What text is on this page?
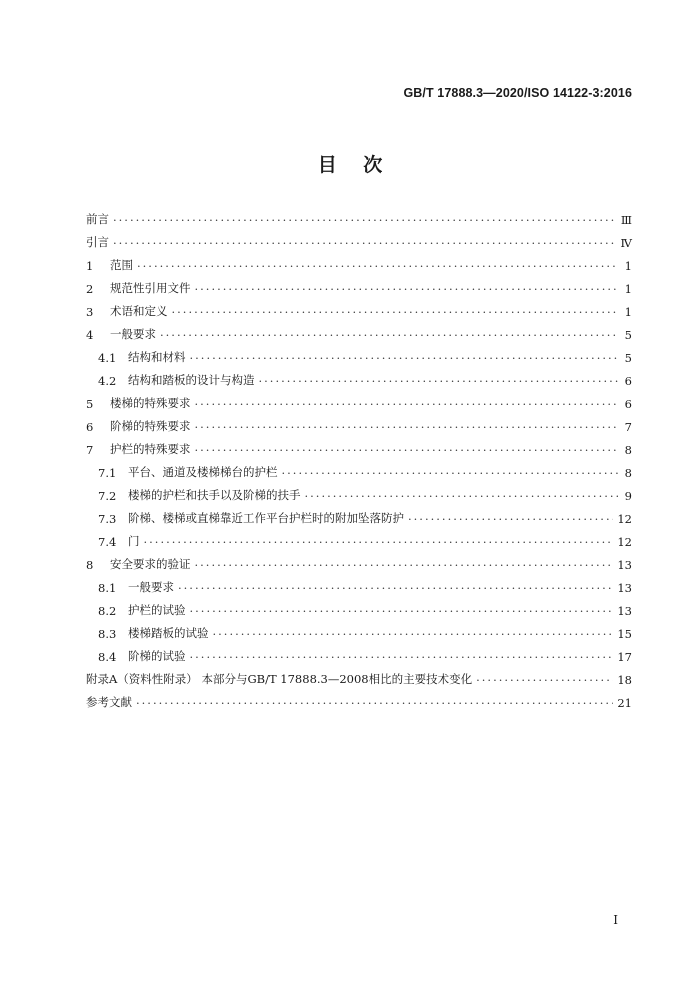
GB/T 17888.3—2020/ISO 14122-3:2016
目    次
前言 ·····	Ⅲ
引言 ·····	Ⅳ
1	范围 ·····	1
2	规范性引用文件 ·····	1
3	术语和定义 ·····	1
4	一般要求 ·····	5
4.1	结构和材料 ·····	5
4.2	结构和踏板的设计与构造 ·····	6
5	楼梯的特殊要求 ·····	6
6	阶梯的特殊要求 ·····	7
7	护栏的特殊要求 ·····	8
7.1	平台、通道及楼梯梯台的护栏 ·····	8
7.2	楼梯的护栏和扶手以及阶梯的扶手 ·····	9
7.3	阶梯、楼梯或直梯靠近工作平台护栏时的附加坠落防护 ·····	12
7.4	门 ·····	12
8	安全要求的验证 ·····	13
8.1	一般要求 ·····	13
8.2	护栏的试验 ·····	13
8.3	楼梯踏板的试验 ·····	15
8.4	阶梯的试验 ·····	17
附录A（资料性附录） 本部分与GB/T 17888.3—2008相比的主要技术变化 ·····	18
参考文献 ·····	21
I
